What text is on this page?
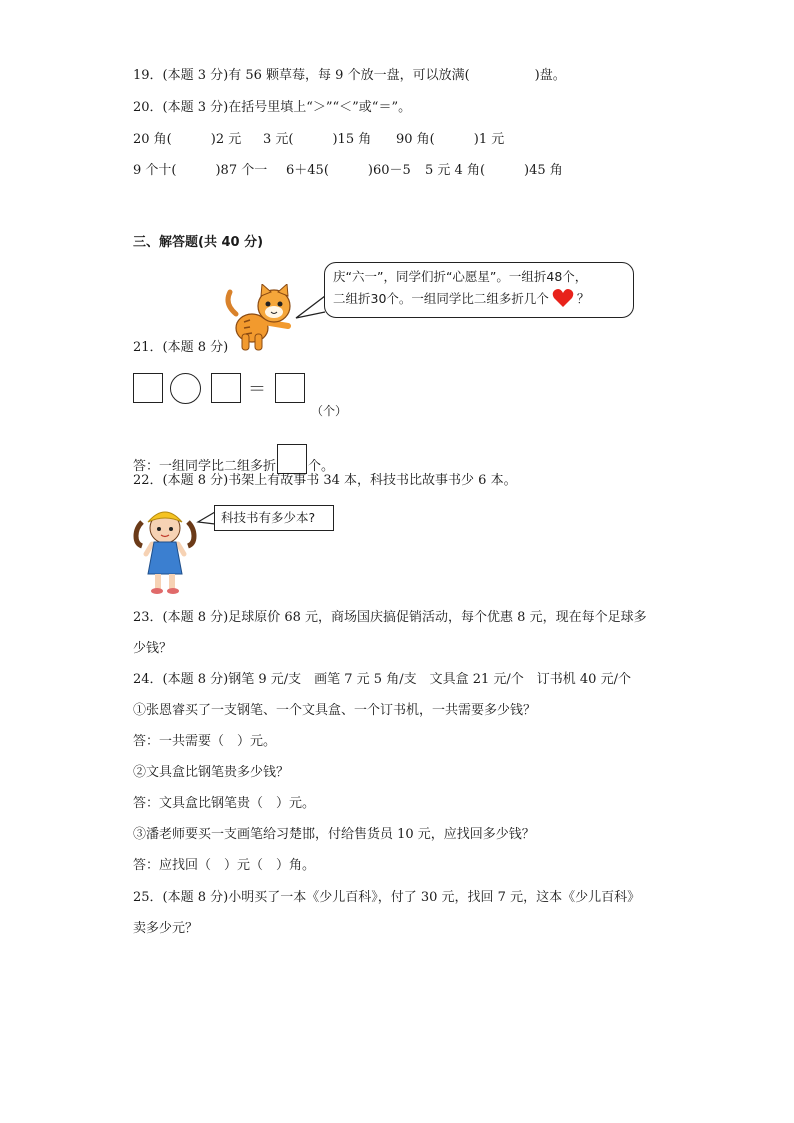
19．(本题 3 分)有 56 颗草莓，每 9 个放一盘，可以放满(　　　　　)盘。
20．(本题 3 分)在括号里填上“＞”“＜”或“＝”。
20 角(　　　)2 元 3 元(　　　)15 角 90 角(　　　)1 元
9 个十(　　　)87 个一 6＋45(　　　)60－5 5 元 4 角(　　　)45 角
三、解答题(共 40 分)
庆“六一”，同学们折“心愿星”。一组折48个，
二组折30个。一组同学比二组多折几个 ？
21．(本题 8 分)
＝
（个）
答：一组同学比二组多折 个。
22．(本题 8 分)书架上有故事书 34 本，科技书比故事书少 6 本。
科技书有多少本?
23．(本题 8 分)足球原价 68 元，商场国庆搞促销活动，每个优惠 8 元，现在每个足球多
少钱？
24．(本题 8 分)钢笔 9 元/支　画笔 7 元 5 角/支　文具盒 21 元/个　订书机 40 元/个
①张恩睿买了一支钢笔、一个文具盒、一个订书机，一共需要多少钱？
答：一共需要（　）元。
②文具盒比钢笔贵多少钱？
答：文具盒比钢笔贵（　）元。
③潘老师要买一支画笔给习楚邯，付给售货员 10 元，应找回多少钱？
答：应找回（　）元（　）角。
25．(本题 8 分)小明买了一本《少儿百科》，付了 30 元，找回 7 元，这本《少儿百科》
卖多少元？
